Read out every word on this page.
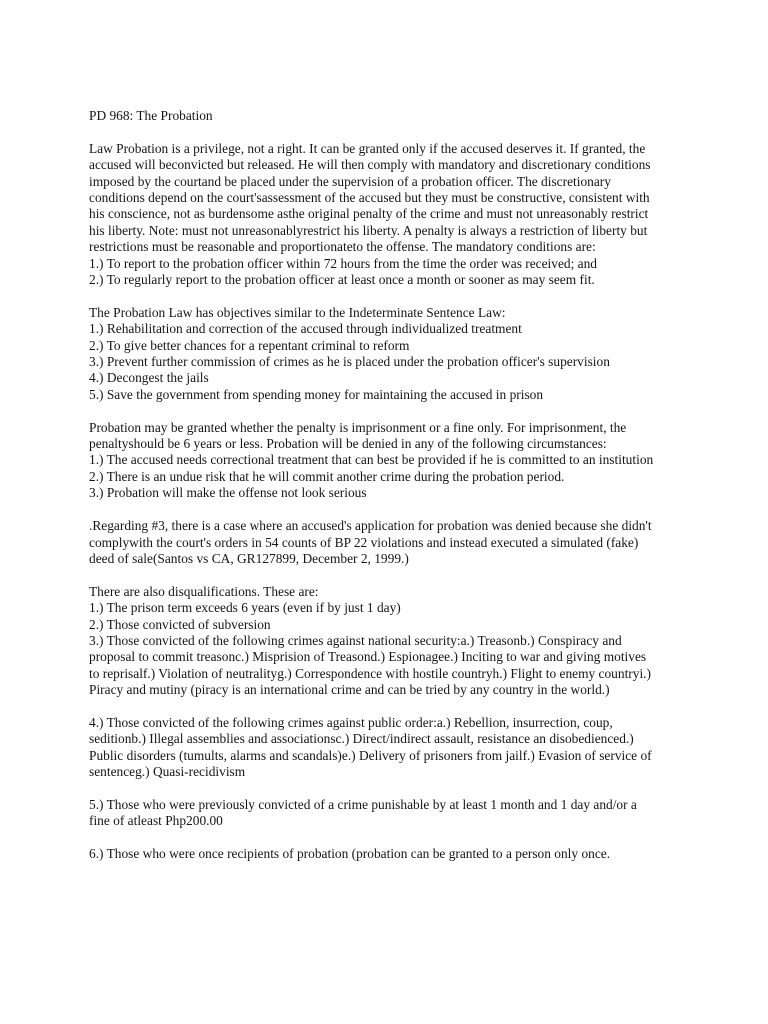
PD 968: The Probation
Law Probation is a privilege, not a right. It can be granted only if the accused deserves it. If granted, the
accused will beconvicted but released. He will then comply with mandatory and discretionary conditions
imposed by the courtand be placed under the supervision of a probation officer. The discretionary
conditions depend on the court'sassessment of the accused but they must be constructive, consistent with
his conscience, not as burdensome asthe original penalty of the crime and must not unreasonably restrict
his liberty. Note: must not unreasonablyrestrict his liberty. A penalty is always a restriction of liberty but
restrictions must be reasonable and proportionateto the offense. The mandatory conditions are:
1.) To report to the probation officer within 72 hours from the time the order was received; and
2.) To regularly report to the probation officer at least once a month or sooner as may seem fit.
The Probation Law has objectives similar to the Indeterminate Sentence Law:
1.) Rehabilitation and correction of the accused through individualized treatment
2.) To give better chances for a repentant criminal to reform
3.) Prevent further commission of crimes as he is placed under the probation officer's supervision
4.) Decongest the jails
5.) Save the government from spending money for maintaining the accused in prison
Probation may be granted whether the penalty is imprisonment or a fine only. For imprisonment, the
penaltyshould be 6 years or less. Probation will be denied in any of the following circumstances:
1.) The accused needs correctional treatment that can best be provided if he is committed to an institution
2.) There is an undue risk that he will commit another crime during the probation period.
3.) Probation will make the offense not look serious
.Regarding #3, there is a case where an accused's application for probation was denied because she didn't
complywith the court's orders in 54 counts of BP 22 violations and instead executed a simulated (fake)
deed of sale(Santos vs CA, GR127899, December 2, 1999.)
There are also disqualifications. These are:
1.) The prison term exceeds 6 years (even if by just 1 day)
2.) Those convicted of subversion
3.) Those convicted of the following crimes against national security:a.) Treasonb.) Conspiracy and
proposal to commit treasonc.) Misprision of Treasond.) Espionagee.) Inciting to war and giving motives
to reprisalf.) Violation of neutralityg.) Correspondence with hostile countryh.) Flight to enemy countryi.)
Piracy and mutiny (piracy is an international crime and can be tried by any country in the world.)
4.) Those convicted of the following crimes against public order:a.) Rebellion, insurrection, coup,
seditionb.) Illegal assemblies and associationsc.) Direct/indirect assault, resistance an disobedienced.)
Public disorders (tumults, alarms and scandals)e.) Delivery of prisoners from jailf.) Evasion of service of
sentenceg.) Quasi-recidivism
5.) Those who were previously convicted of a crime punishable by at least 1 month and 1 day and/or a
fine of atleast Php200.00
6.) Those who were once recipients of probation (probation can be granted to a person only once.
